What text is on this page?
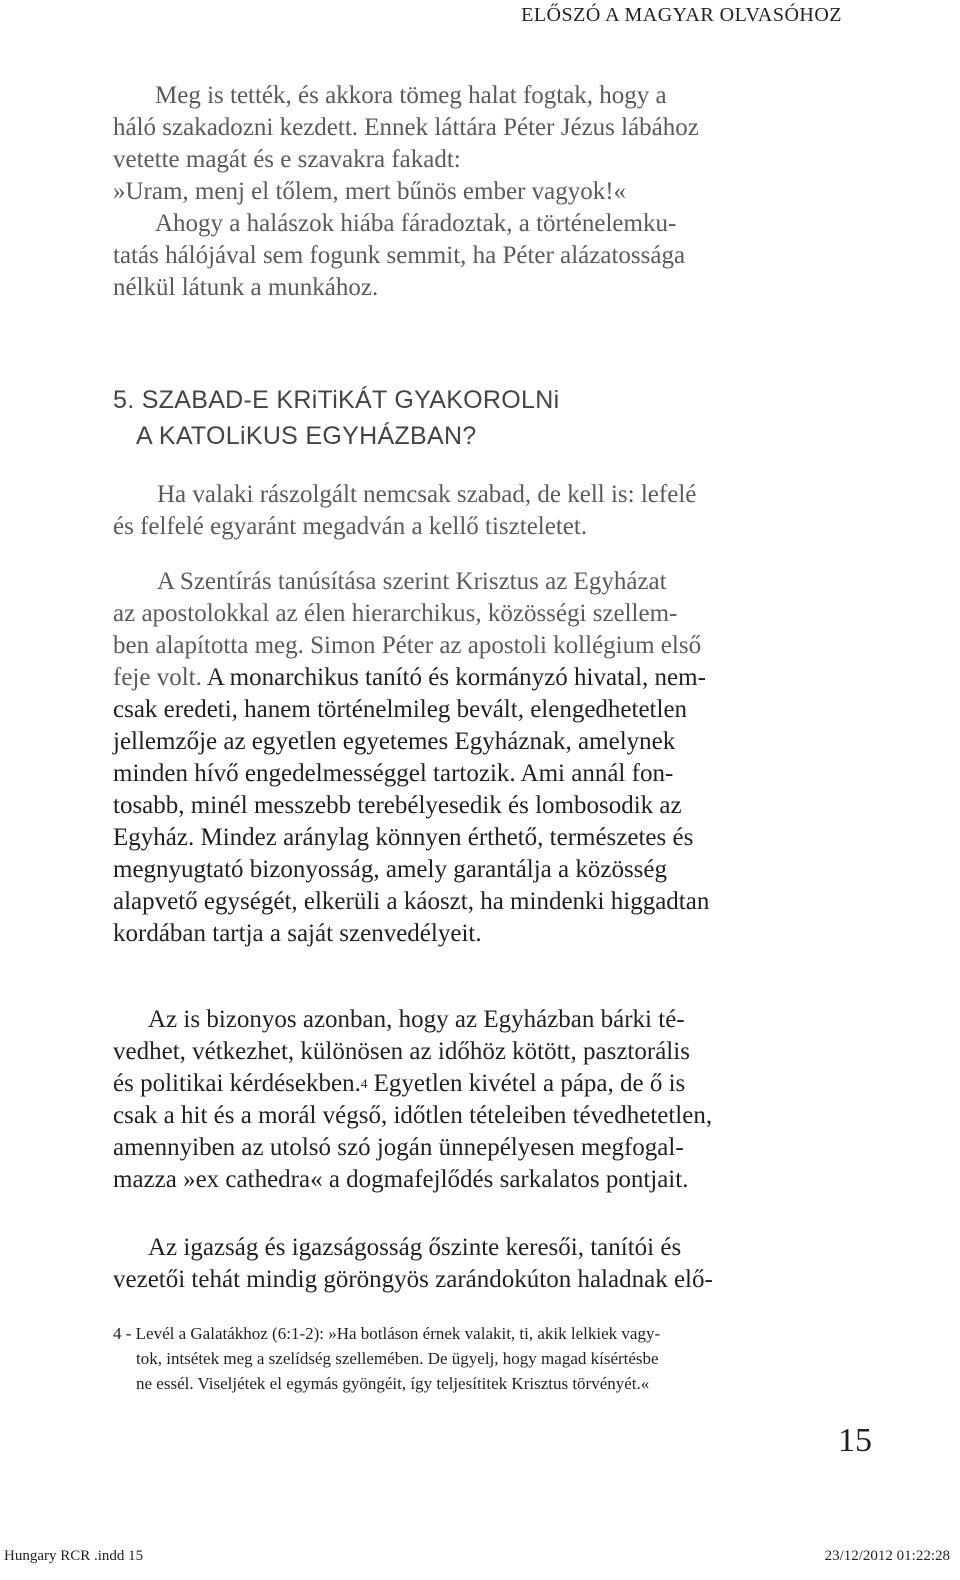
ELŐSZÓ A MAGYAR OLVASÓHOZ
Meg is tették, és akkora tömeg halat fogtak, hogy a
háló szakadozni kezdett. Ennek láttára Péter Jézus lábához
vetette magát és e szavakra fakadt:
»Uram, menj el tőlem, mert bűnös ember vagyok!«
Ahogy a halászok hiába fáradoztak, a történelemku-
tatás hálójával sem fogunk semmit, ha Péter alázatossága
nélkül látunk a munkához.
5. SZABAD-E KRiTiKÁT GYAKOROLNi
A KATOLiKUS EGYHÁZBAN?
Ha valaki rászolgált nemcsak szabad, de kell is: lefelé
és felfelé egyaránt megadván a kellő tiszteletet.
A Szentírás tanúsítása szerint Krisztus az Egyházat
az apostolokkal az élen hierarchikus, közösségi szellem-
ben alapította meg. Simon Péter az apostoli kollégium első
feje volt. A monarchikus tanító és kormányzó hivatal, nem-
csak eredeti, hanem történelmileg bevált, elengedhetetlen
jellemzője az egyetlen egyetemes Egyháznak, amelynek
minden hívő engedelmességgel tartozik. Ami annál fon-
tosabb, minél messzebb terebélyesedik és lombosodik az
Egyház. Mindez aránylag könnyen érthető, természetes és
megnyugtató bizonyosság, amely garantálja a közösség
alapvető egységét, elkerüli a káoszt, ha mindenki higgadtan
kordában tartja a saját szenvedélyeit.
Az is bizonyos azonban, hogy az Egyházban bárki té-
vedhet, vétkezhet, különösen az időhöz kötött, pasztorális
és politikai kérdésekben.$^4$ Egyetlen kivétel a pápa, de ő is
csak a hit és a morál végső, időtlen tételeiben tévedhetetlen,
amennyiben az utolsó szó jogán ünnepélyesen megfogal-
mazza »ex cathedra« a dogmafejlődés sarkalatos pontjait.
Az igazság és igazságosság őszinte keresői, tanítói és
vezetői tehát mindig göröngyös zarándokúton haladnak elő-
4 - Levél a Galatákhoz (6:1-2): »Ha botláson érnek valakit, ti, akik lelkiek vagy-
tok, intsétek meg a szelídség szellemében. De ügyelj, hogy magad kísértésbe
ne essél. Viseljétek el egymás gyöngéit, így teljesítitek Krisztus törvényét.«
15
Hungary RCR .indd 15	23/12/2012 01:22:28
